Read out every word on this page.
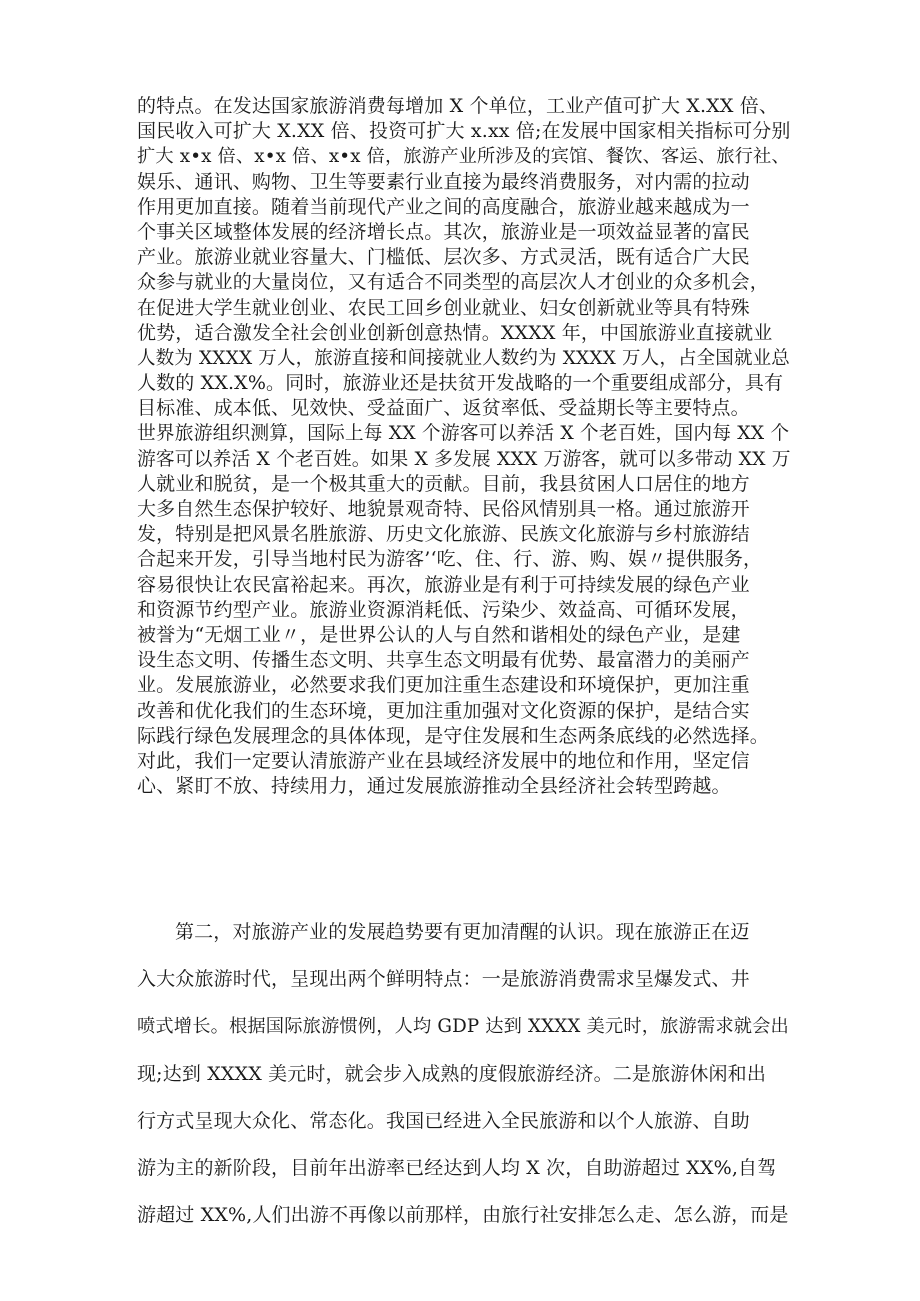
的特点。在发达国家旅游消费每增加 X 个单位，工业产值可扩大 X.XX 倍、
国民收入可扩大 X.XX 倍、投资可扩大 x.xx 倍;在发展中国家相关指标可分别
扩大 x•x 倍、x•x 倍、x•x 倍，旅游产业所涉及的宾馆、餐饮、客运、旅行社、
娱乐、通讯、购物、卫生等要素行业直接为最终消费服务，对内需的拉动
作用更加直接。随着当前现代产业之间的高度融合，旅游业越来越成为一
个事关区域整体发展的经济增长点。其次，旅游业是一项效益显著的富民
产业。旅游业就业容量大、门槛低、层次多、方式灵活，既有适合广大民
众参与就业的大量岗位，又有适合不同类型的高层次人才创业的众多机会，
在促进大学生就业创业、农民工回乡创业就业、妇女创新就业等具有特殊
优势，适合激发全社会创业创新创意热情。XXXX 年，中国旅游业直接就业
人数为 XXXX 万人，旅游直接和间接就业人数约为 XXXX 万人，占全国就业总
人数的 XX.X%。同时，旅游业还是扶贫开发战略的一个重要组成部分，具有
目标准、成本低、见效快、受益面广、返贫率低、受益期长等主要特点。
世界旅游组织测算，国际上每 XX 个游客可以养活 X 个老百姓，国内每 XX 个
游客可以养活 X 个老百姓。如果 X 多发展 XXX 万游客，就可以多带动 XX 万
人就业和脱贫，是一个极其重大的贡献。目前，我县贫困人口居住的地方
大多自然生态保护较好、地貌景观奇特、民俗风情别具一格。通过旅游开
发，特别是把风景名胜旅游、历史文化旅游、民族文化旅游与乡村旅游结
合起来开发，引导当地村民为游客’‘吃、住、行、游、购、娱〃提供服务，
容易很快让农民富裕起来。再次，旅游业是有利于可持续发展的绿色产业
和资源节约型产业。旅游业资源消耗低、污染少、效益高、可循环发展，
被誉为“无烟工业〃，是世界公认的人与自然和谐相处的绿色产业，是建
设生态文明、传播生态文明、共享生态文明最有优势、最富潜力的美丽产
业。发展旅游业，必然要求我们更加注重生态建设和环境保护，更加注重
改善和优化我们的生态环境，更加注重加强对文化资源的保护，是结合实
际践行绿色发展理念的具体体现，是守住发展和生态两条底线的必然选择。
对此，我们一定要认清旅游产业在县域经济发展中的地位和作用，坚定信
心、紧盯不放、持续用力，通过发展旅游推动全县经济社会转型跨越。
第二，对旅游产业的发展趋势要有更加清醒的认识。现在旅游正在迈
入大众旅游时代，呈现出两个鲜明特点：一是旅游消费需求呈爆发式、井
喷式增长。根据国际旅游惯例，人均 GDP 达到 XXXX 美元时，旅游需求就会出
现;达到 XXXX 美元时，就会步入成熟的度假旅游经济。二是旅游休闲和出
行方式呈现大众化、常态化。我国已经进入全民旅游和以个人旅游、自助
游为主的新阶段，目前年出游率已经达到人均 X 次，自助游超过 XX%,自驾
游超过 XX%,人们出游不再像以前那样，由旅行社安排怎么走、怎么游，而是
